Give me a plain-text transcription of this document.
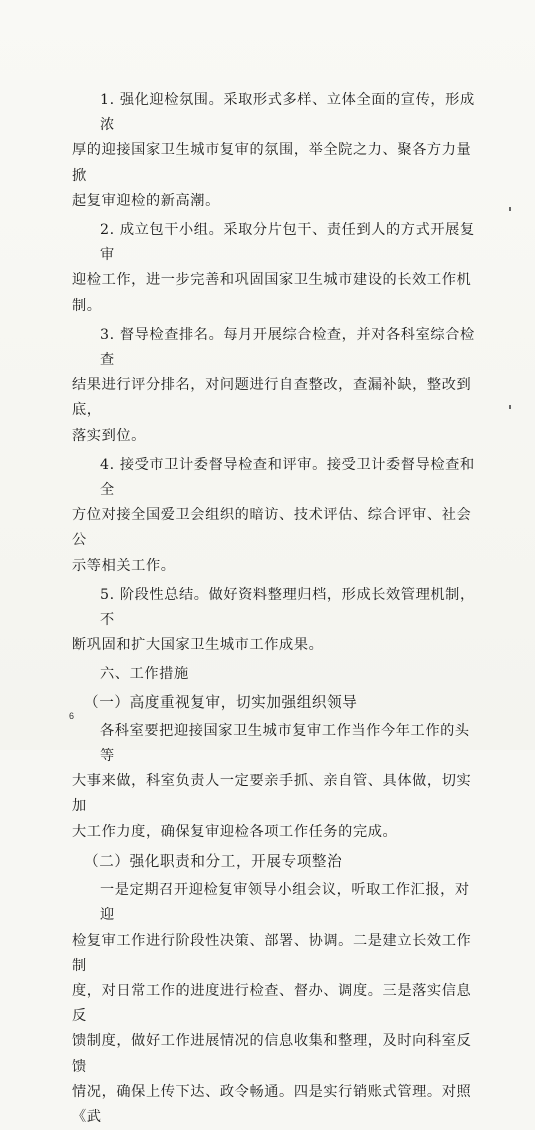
1. 强化迎检氛围。采取形式多样、立体全面的宣传，形成浓
厚的迎接国家卫生城市复审的氛围，举全院之力、聚各方力量掀
起复审迎检的新高潮。
2. 成立包干小组。采取分片包干、责任到人的方式开展复审
迎检工作，进一步完善和巩固国家卫生城市建设的长效工作机制。
3. 督导检查排名。每月开展综合检查，并对各科室综合检查
结果进行评分排名，对问题进行自查整改，查漏补缺，整改到底，
落实到位。
4. 接受市卫计委督导检查和评审。接受卫计委督导检查和全
方位对接全国爱卫会组织的暗访、技术评估、综合评审、社会公
示等相关工作。
5. 阶段性总结。做好资料整理归档，形成长效管理机制，不
断巩固和扩大国家卫生城市工作成果。
六、工作措施
（一）高度重视复审，切实加强组织领导
各科室要把迎接国家卫生城市复审工作当作今年工作的头等
大事来做，科室负责人一定要亲手抓、亲自管、具体做，切实加
大工作力度，确保复审迎检各项工作任务的完成。
（二）强化职责和分工，开展专项整治
一是定期召开迎检复审领导小组会议，听取工作汇报，对迎
检复审工作进行阶段性决策、部署、协调。二是建立长效工作制
度，对日常工作的进度进行检查、督办、调度。三是落实信息反
馈制度，做好工作进展情况的信息收集和整理，及时向科室反馈
情况，确保上传下达、政令畅通。四是实行销账式管理。对照《武
6
